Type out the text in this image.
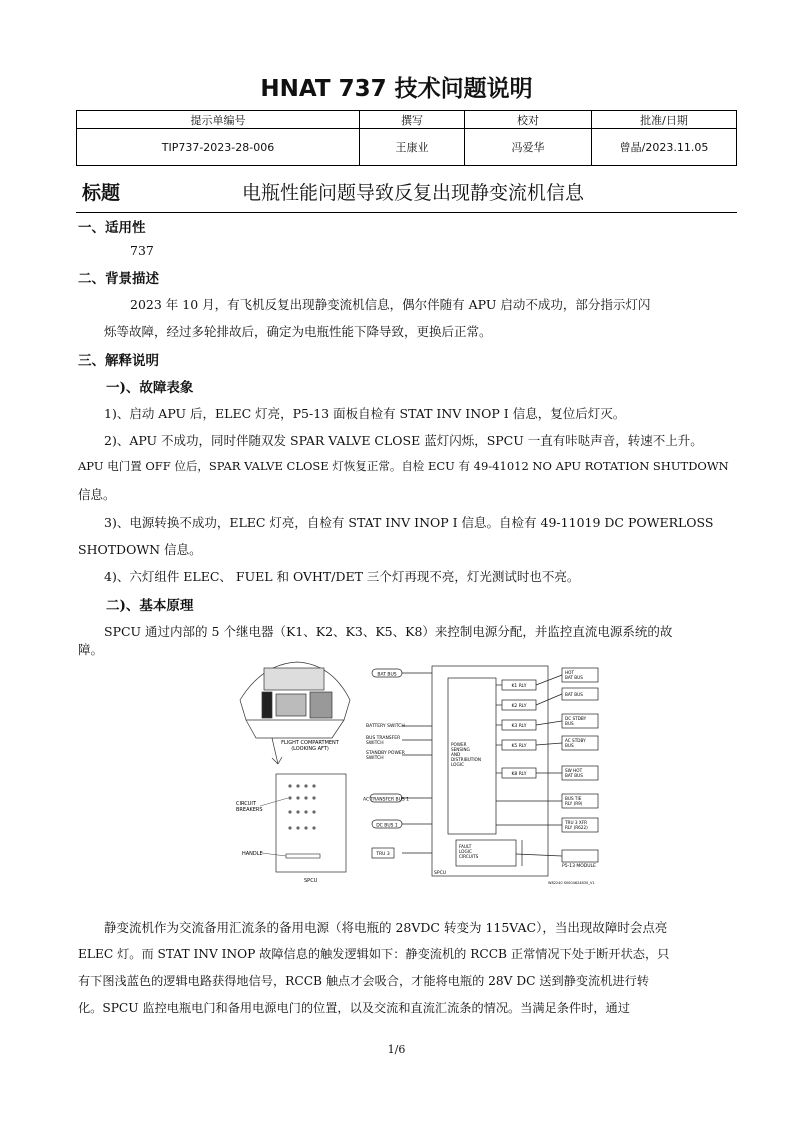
HNAT 737 技术问题说明
提示单编号	撰写	校对	批准/日期
TIP737-2023-28-006	王康业	冯爱华	曾晶/2023.11.05
标题	电瓶性能问题导致反复出现静变流机信息
一、适用性
737
二、背景描述
2023 年 10 月，有飞机反复出现静变流机信息，偶尔伴随有 APU 启动不成功，部分指示灯闪
烁等故障，经过多轮排故后，确定为电瓶性能下降导致，更换后正常。
三、解释说明
一)、故障表象
1)、启动 APU 后，ELEC 灯亮，P5-13 面板自检有 STAT INV INOP I 信息，复位后灯灭。
2)、APU 不成功，同时伴随双发 SPAR VALVE CLOSE 蓝灯闪烁，SPCU 一直有咔哒声音，转速不上升。
APU 电门置 OFF 位后，SPAR VALVE CLOSE 灯恢复正常。自检 ECU 有 49-41012 NO APU ROTATION SHUTDOWN
信息。
3)、电源转换不成功，ELEC 灯亮，自检有 STAT INV INOP I 信息。自检有 49-11019 DC POWERLOSS
SHOTDOWN 信息。
4)、六灯组件 ELEC、 FUEL 和 OVHT/DET 三个灯再现不亮，灯光测试时也不亮。
二)、基本原理
SPCU 通过内部的 5 个继电器（K1、K2、K3、K5、K8）来控制电源分配，并监控直流电源系统的故
障。
FLIGHT COMPARTMENT
(LOOKING AFT)
CIRCUIT
BREAKERS
HANDLE
SPCU
BAT BUS
BATTERY SWITCH
BUS TRANSFER
SWITCH
STANDBY POWER
SWITCH
AC TRANSFER BUS 1
DC BUS 1
TRU 3
POWER
SENSING
AND
DISTRIBUTION
LOGIC
K1 RLY
K2 RLY
K3 RLY
K5 RLY
K8 RLY
HOT
BAT BUS
BAT BUS
DC STDBY
BUS
AC STDBY
BUS
SW HOT
BAT BUS
BUS TIE
RLY (R9)
TRU 3 XFR
RLY (R622)
FAULT
LOGIC
CIRCUITS
P5-13 MODULE
SPCU
W82240 S0004624830_V1
静变流机作为交流备用汇流条的备用电源（将电瓶的 28VDC 转变为 115VAC），当出现故障时会点亮
ELEC 灯。而 STAT INV INOP 故障信息的触发逻辑如下：静变流机的 RCCB 正常情况下处于断开状态，只
有下图浅蓝色的逻辑电路获得地信号，RCCB 触点才会吸合，才能将电瓶的 28V DC 送到静变流机进行转
化。SPCU 监控电瓶电门和备用电源电门的位置，以及交流和直流汇流条的情况。当满足条件时，通过
1/6
